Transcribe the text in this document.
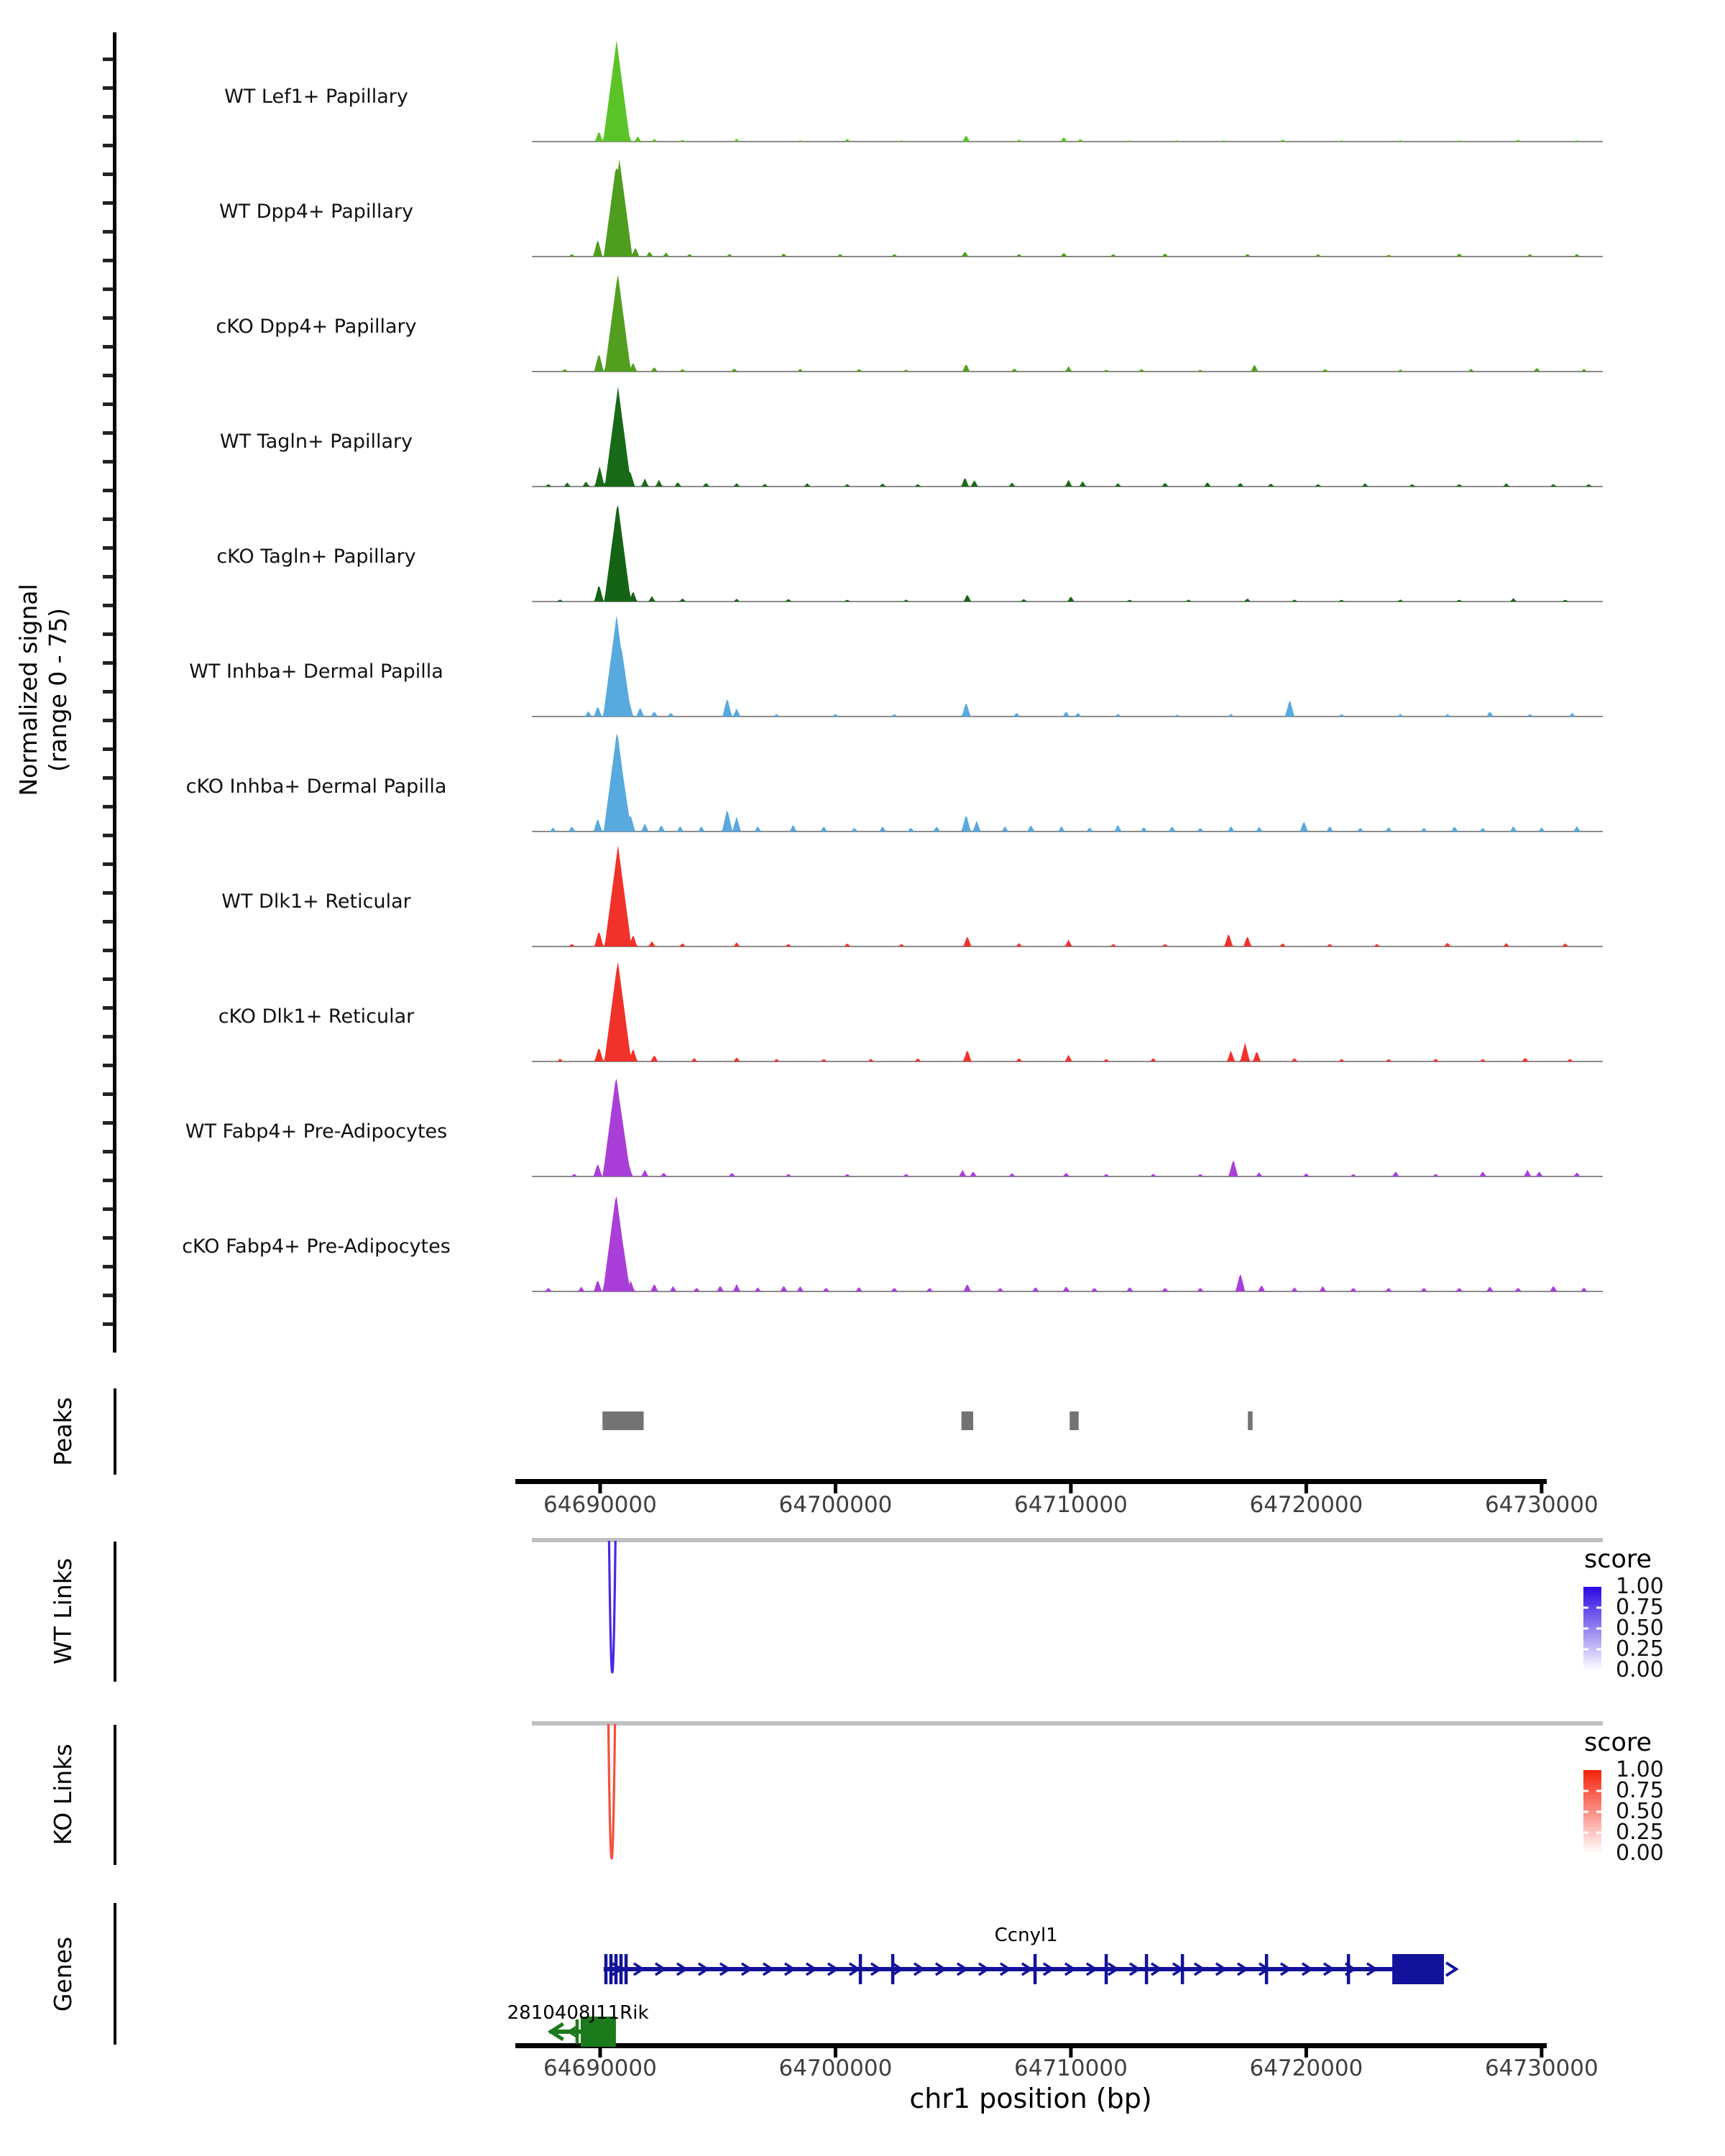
Normalized signal (range 0 - 75)
Peaks
WT Links
KO Links
Genes
score
score
chr1 position (bp)
WT Lef1+ Papillary
WT Dpp4+ Papillary
cKO Dpp4+ Papillary
WT Tagln+ Papillary
cKO Tagln+ Papillary
WT Inhba+ Dermal Papilla
cKO Inhba+ Dermal Papilla
WT Dlk1+ Reticular
cKO Dlk1+ Reticular
WT Fabp4+ Pre-Adipocytes
cKO Fabp4+ Pre-Adipocytes
64690000	64700000	64710000	64720000	64730000
64690000	64700000	64710000	64720000	64730000
1.00
0.75
0.50
0.25
0.00
1.00
0.75
0.50
0.25
0.00
Ccnyl1
2810408J11Rik
